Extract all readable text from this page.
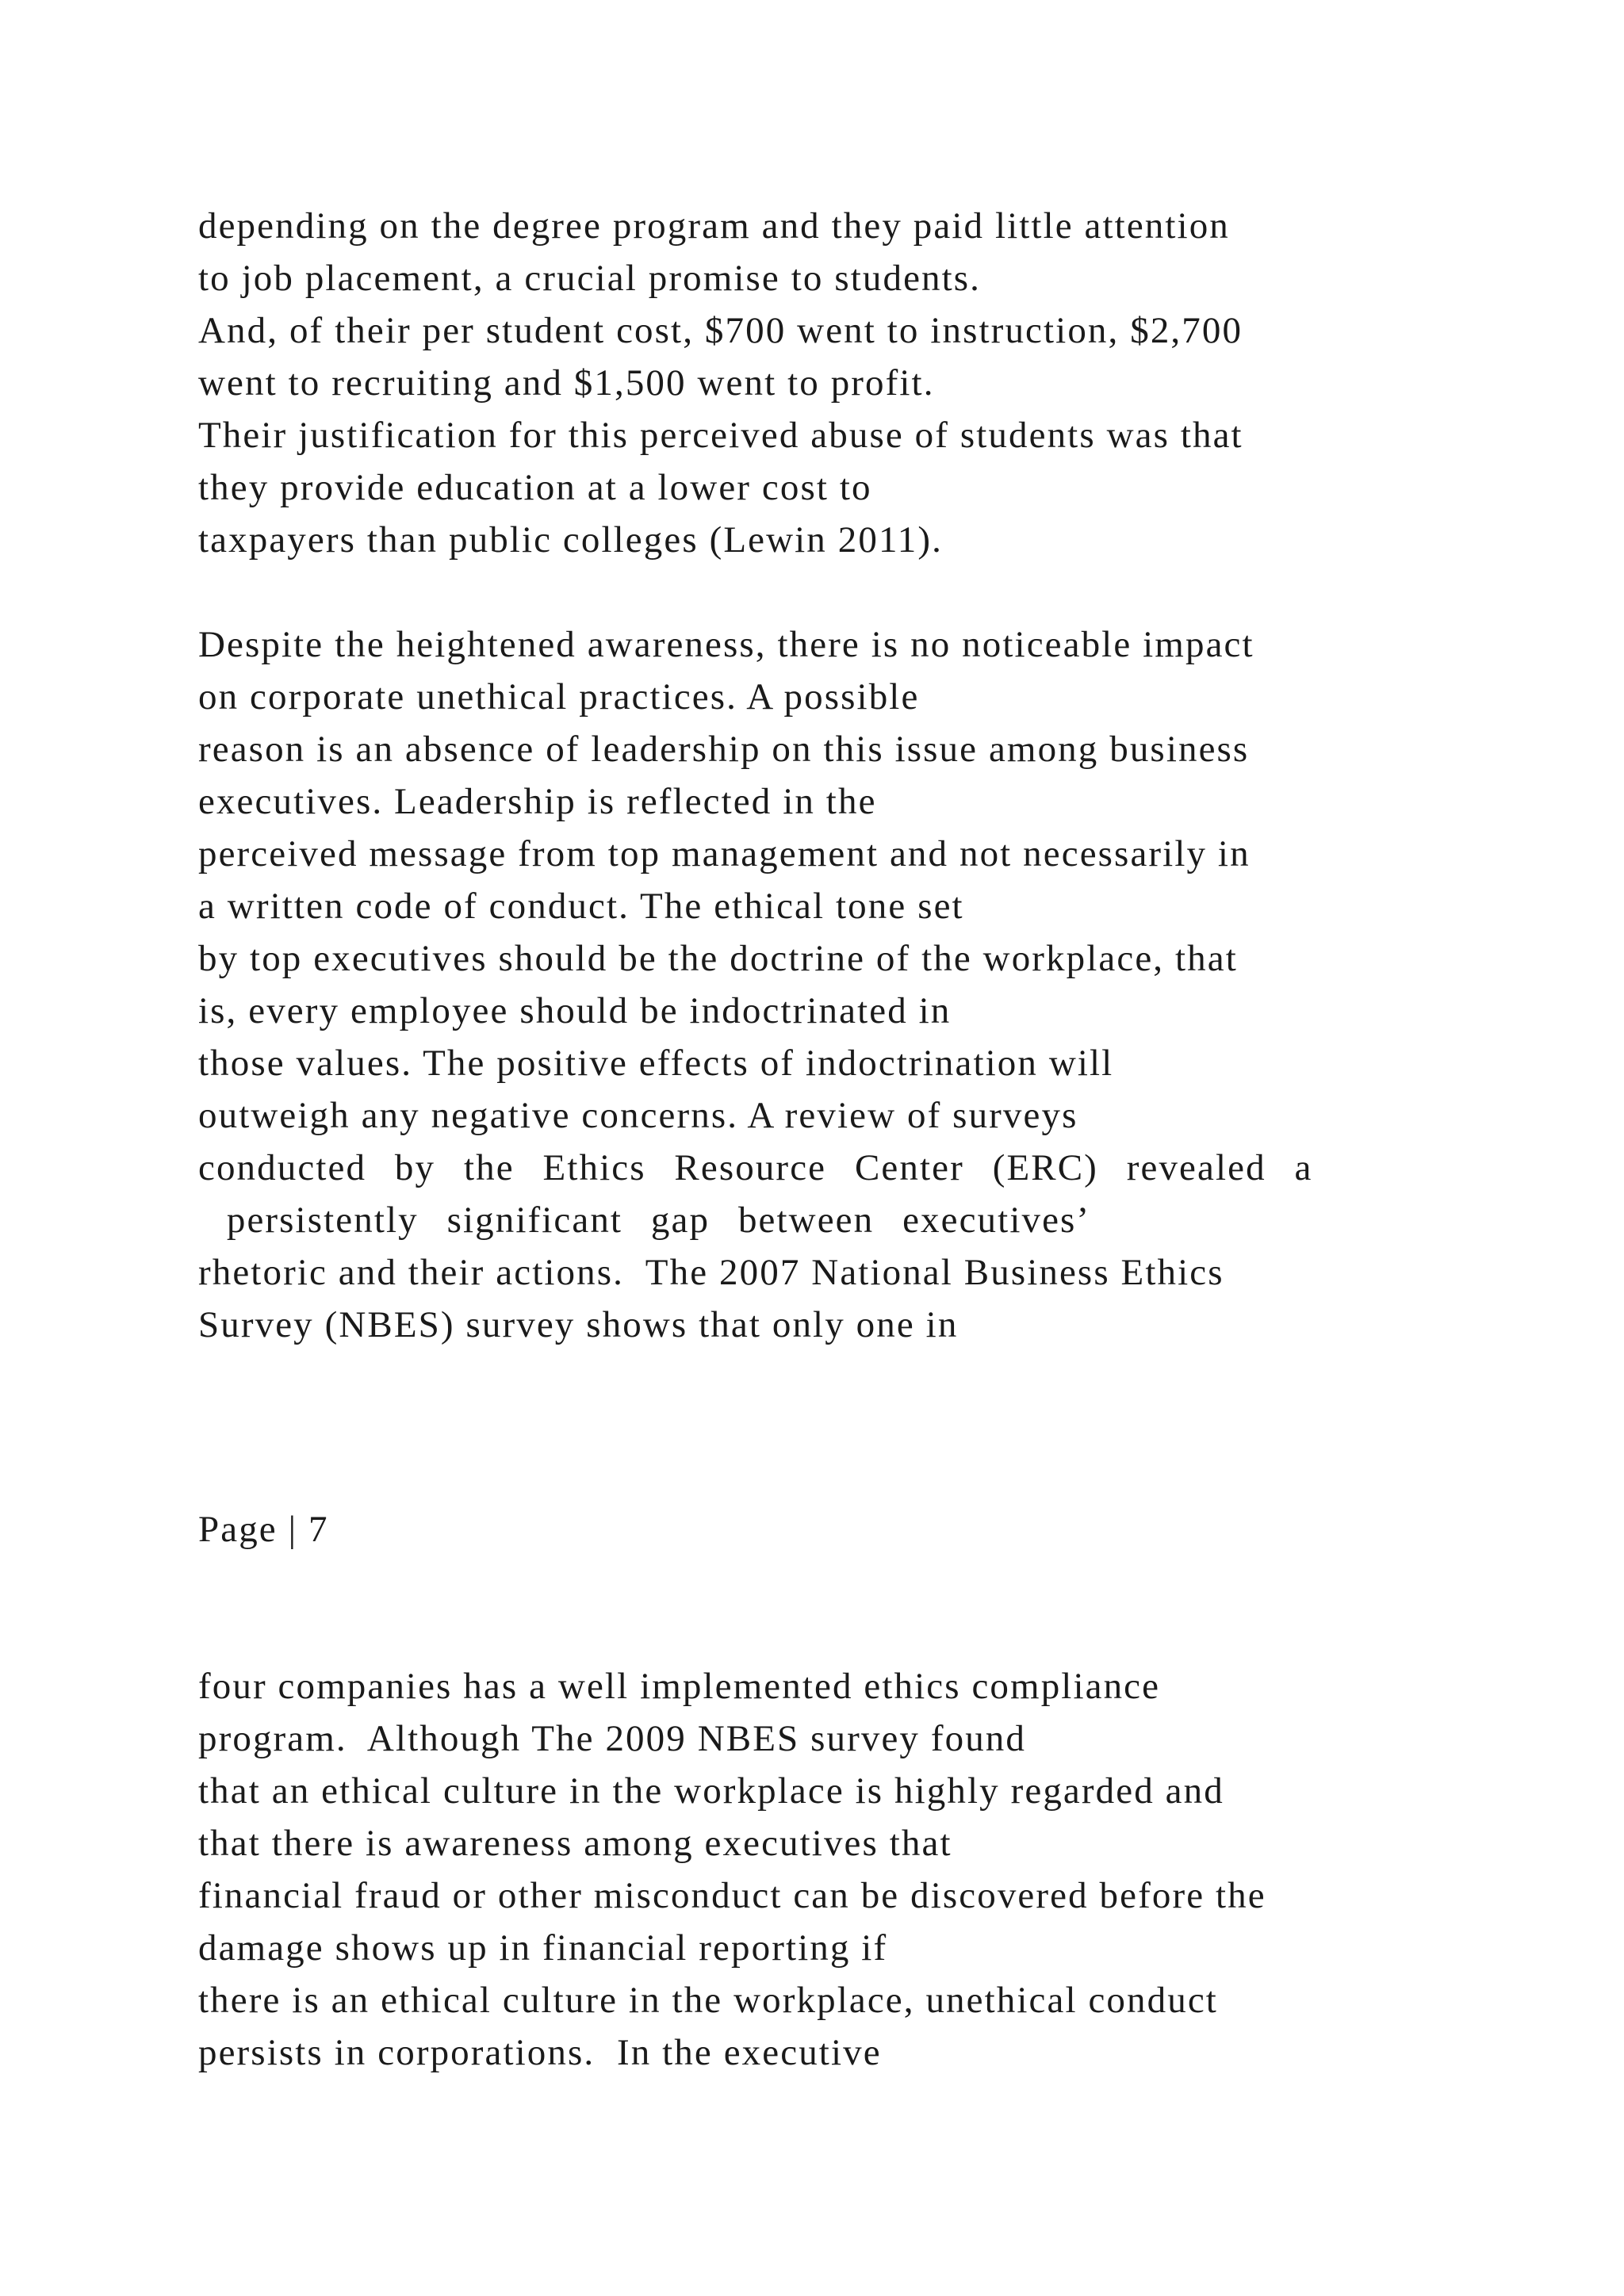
depending on the degree program and they paid little attention
to job placement, a crucial promise to students.
And, of their per student cost, $700 went to instruction, $2,700
went to recruiting and $1,500 went to profit.
Their justification for this perceived abuse of students was that
they provide education at a lower cost to
taxpayers than public colleges (Lewin 2011).
Despite the heightened awareness, there is no noticeable impact
on corporate unethical practices. A possible
reason is an absence of leadership on this issue among business
executives. Leadership is reflected in the
perceived message from top management and not necessarily in
a written code of conduct. The ethical tone set
by top executives should be the doctrine of the workplace, that
is, every employee should be indoctrinated in
those values. The positive effects of indoctrination will
outweigh any negative concerns. A review of surveys
conducted by the Ethics Resource Center (ERC) revealed a
persistently significant gap between executives’
rhetoric and their actions.  The 2007 National Business Ethics
Survey (NBES) survey shows that only one in
Page | 7
four companies has a well implemented ethics compliance
program.  Although The 2009 NBES survey found
that an ethical culture in the workplace is highly regarded and
that there is awareness among executives that
financial fraud or other misconduct can be discovered before the
damage shows up in financial reporting if
there is an ethical culture in the workplace, unethical conduct
persists in corporations.  In the executive
